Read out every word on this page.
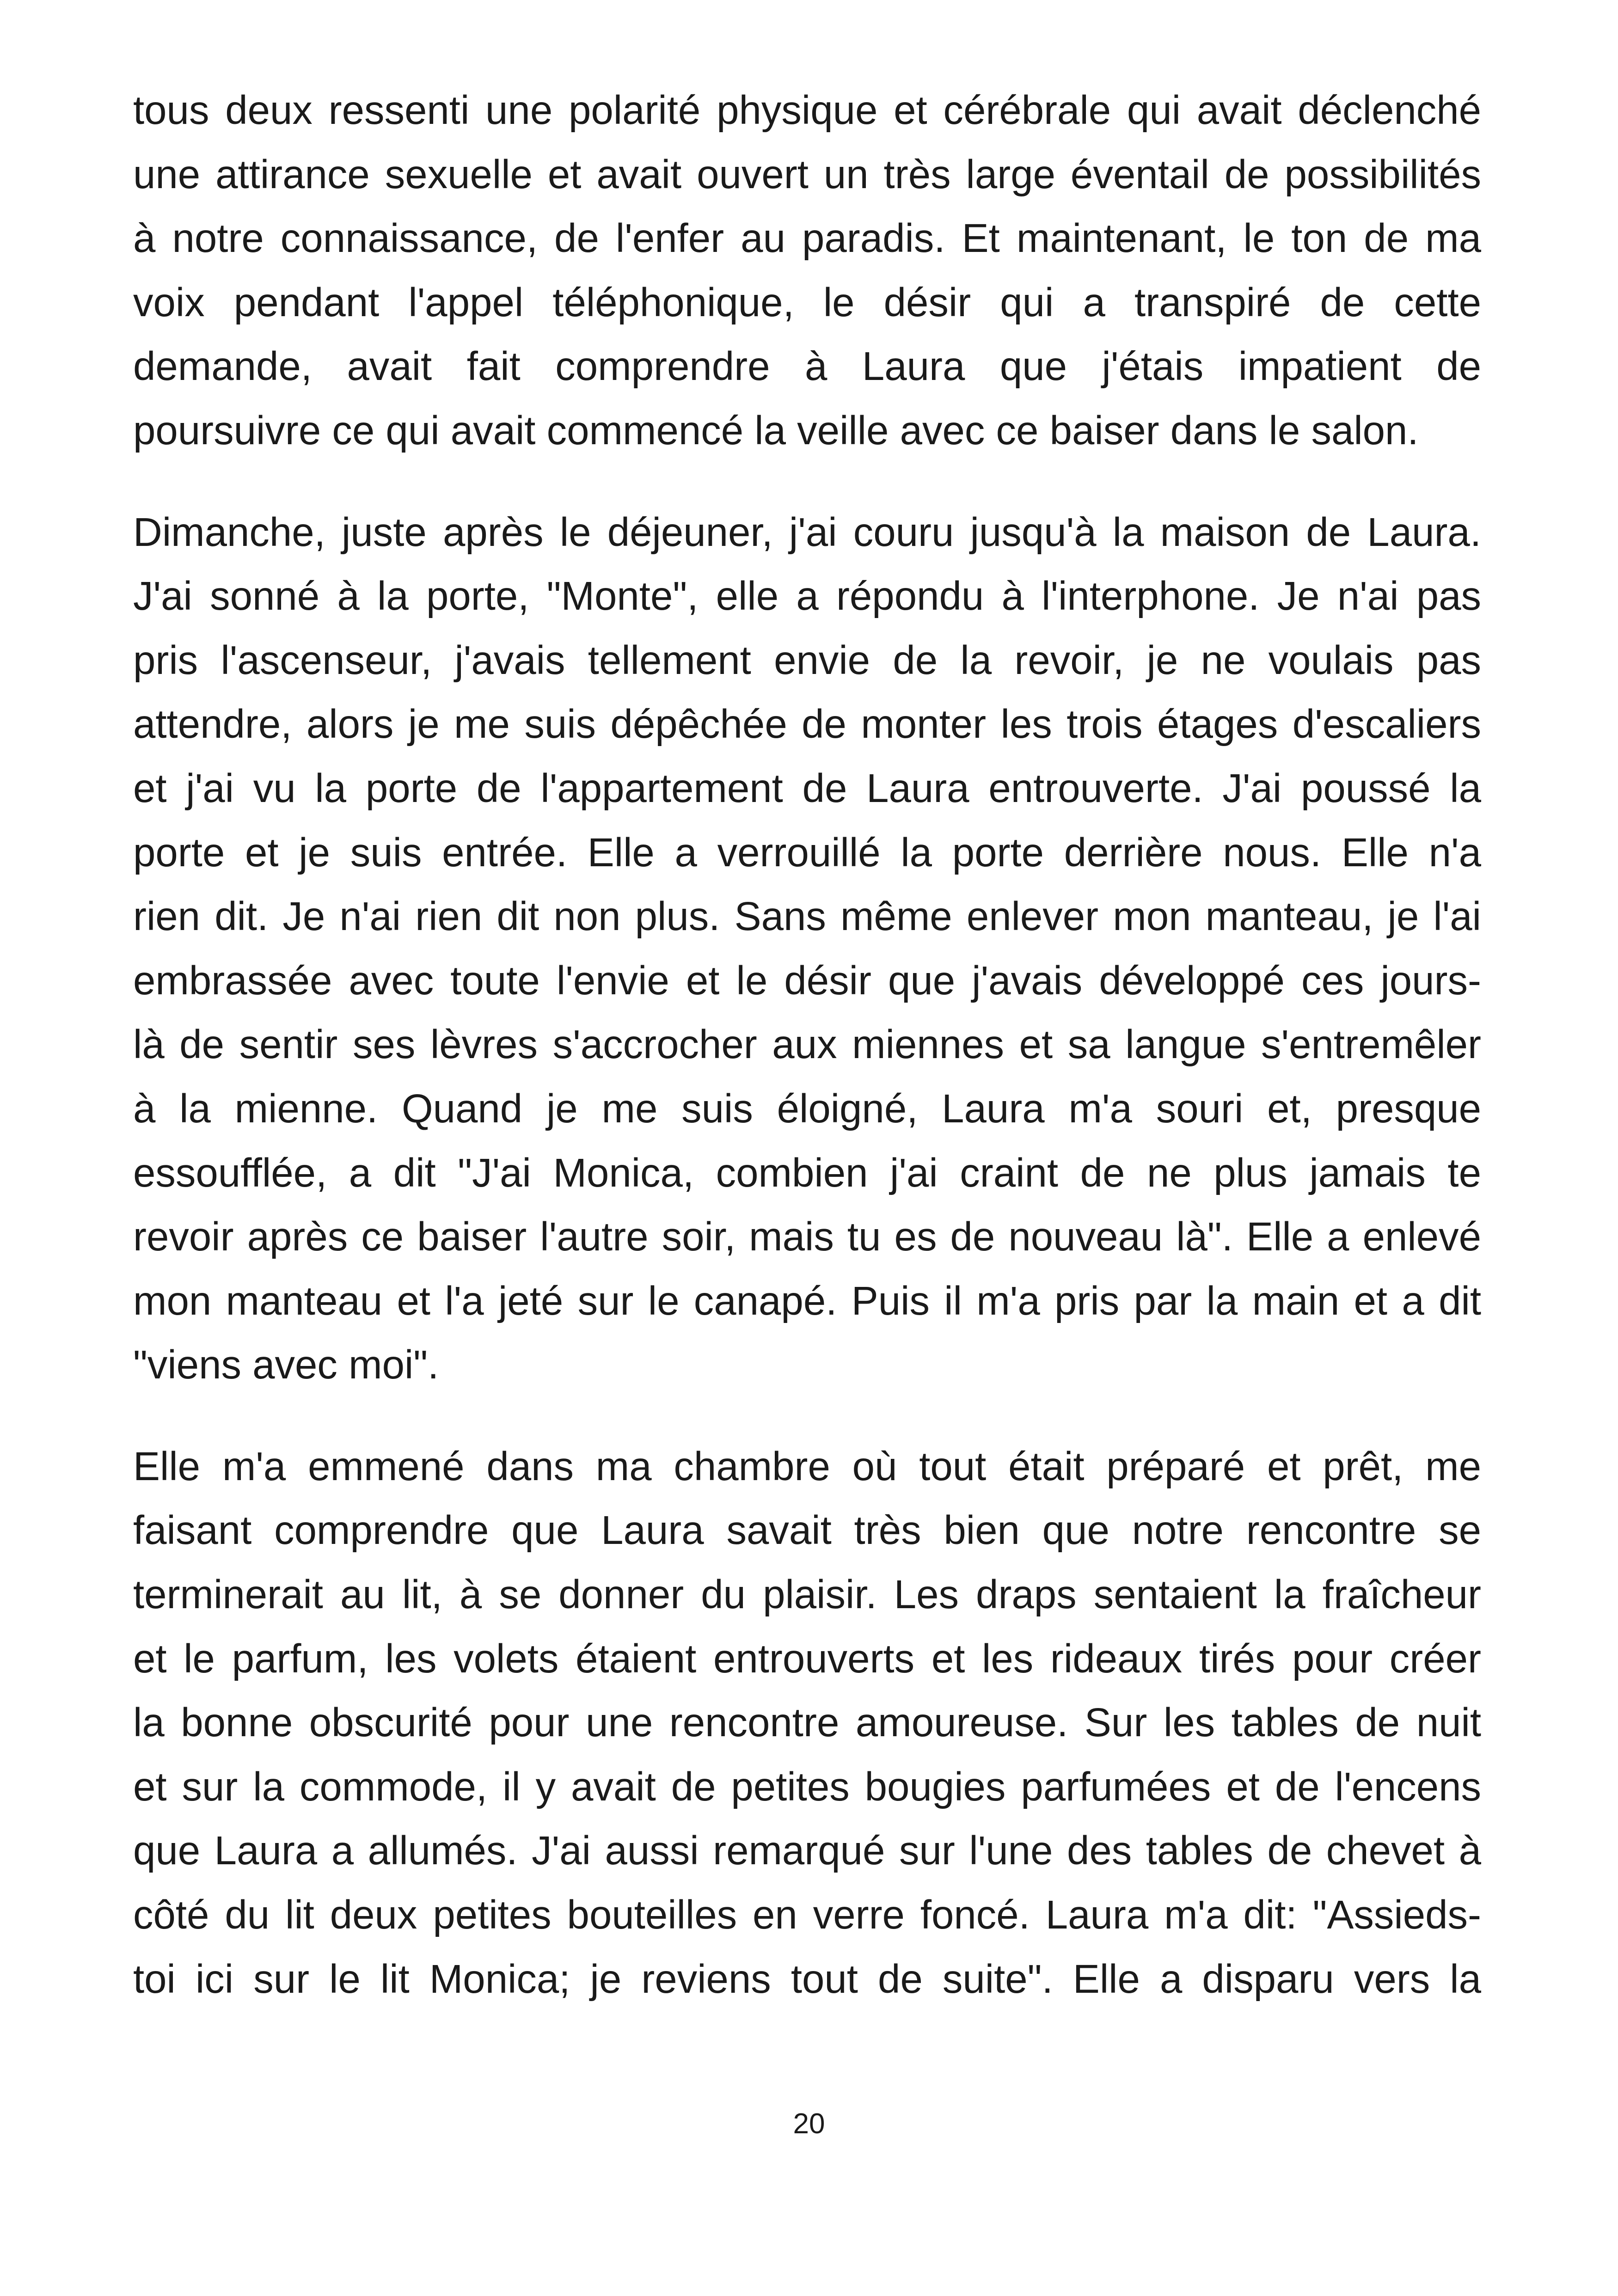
tous deux ressenti une polarité physique et cérébrale qui avait déclenché
une attirance sexuelle et avait ouvert un très large éventail de possibilités
à notre connaissance, de l'enfer au paradis. Et maintenant, le ton de ma
voix pendant l'appel téléphonique, le désir qui a transpiré de cette
demande, avait fait comprendre à Laura que j'étais impatient de
poursuivre ce qui avait commencé la veille avec ce baiser dans le salon.
Dimanche, juste après le déjeuner, j'ai couru jusqu'à la maison de Laura.
J'ai sonné à la porte, "Monte", elle a répondu à l'interphone. Je n'ai pas
pris l'ascenseur, j'avais tellement envie de la revoir, je ne voulais pas
attendre, alors je me suis dépêchée de monter les trois étages d'escaliers
et j'ai vu la porte de l'appartement de Laura entrouverte. J'ai poussé la
porte et je suis entrée. Elle a verrouillé la porte derrière nous. Elle n'a
rien dit. Je n'ai rien dit non plus. Sans même enlever mon manteau, je l'ai
embrassée avec toute l'envie et le désir que j'avais développé ces jours-
là de sentir ses lèvres s'accrocher aux miennes et sa langue s'entremêler
à la mienne. Quand je me suis éloigné, Laura m'a souri et, presque
essoufflée, a dit "J'ai Monica, combien j'ai craint de ne plus jamais te
revoir après ce baiser l'autre soir, mais tu es de nouveau là". Elle a enlevé
mon manteau et l'a jeté sur le canapé. Puis il m'a pris par la main et a dit
"viens avec moi".
Elle m'a emmené dans ma chambre où tout était préparé et prêt, me
faisant comprendre que Laura savait très bien que notre rencontre se
terminerait au lit, à se donner du plaisir. Les draps sentaient la fraîcheur
et le parfum, les volets étaient entrouverts et les rideaux tirés pour créer
la bonne obscurité pour une rencontre amoureuse. Sur les tables de nuit
et sur la commode, il y avait de petites bougies parfumées et de l'encens
que Laura a allumés. J'ai aussi remarqué sur l'une des tables de chevet à
côté du lit deux petites bouteilles en verre foncé. Laura m'a dit: "Assieds-
toi ici sur le lit Monica; je reviens tout de suite". Elle a disparu vers la
20
